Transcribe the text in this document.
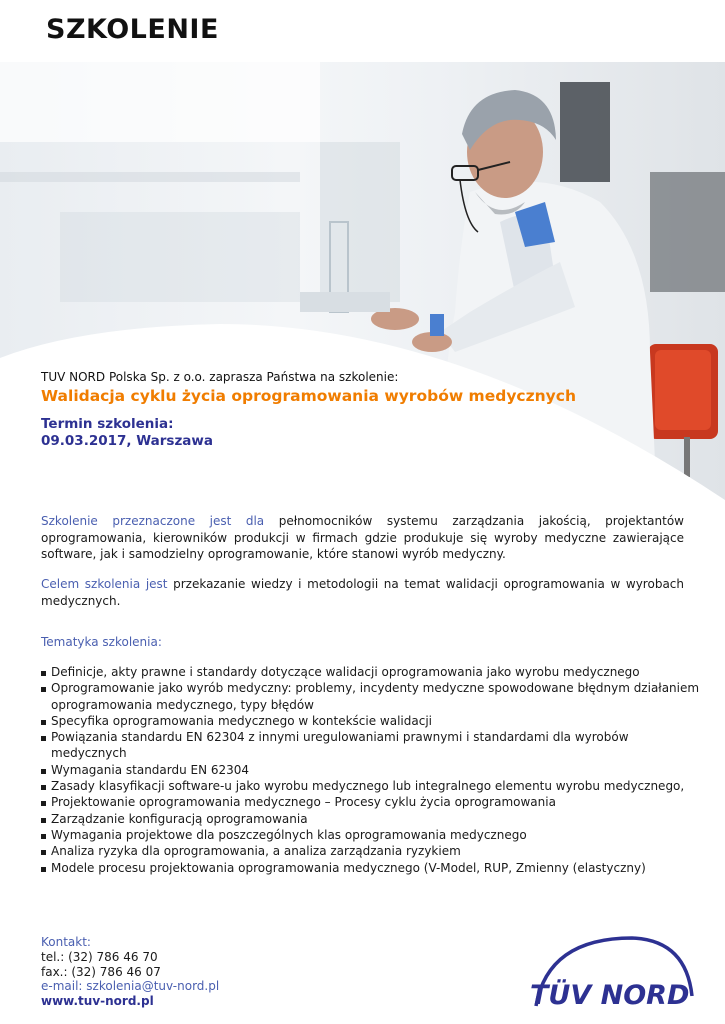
SZKOLENIE
TUV NORD Polska Sp. z o.o. zaprasza Państwa na szkolenie:
Walidacja cyklu życia oprogramowania wyrobów medycznych
Termin szkolenia:
09.03.2017, Warszawa

Szkolenie przeznaczone jest dla pełnomocników systemu zarządzania jakością, projektantów oprogramowania, kierowników produkcji w firmach gdzie produkuje się wyroby medyczne zawierające software, jak i samodzielny oprogramowanie, które stanowi wyrób medyczny.

Celem szkolenia jest przekazanie wiedzy i metodologii na temat walidacji oprogramowania w wyrobach medycznych.

Tematyka szkolenia:
Definicje, akty prawne i standardy dotyczące walidacji oprogramowania jako wyrobu medycznego
Oprogramowanie jako wyrób medyczny: problemy, incydenty medyczne spowodowane błędnym działaniem oprogramowania medycznego, typy błędów
Specyfika oprogramowania medycznego w kontekście walidacji
Powiązania standardu EN 62304 z innymi uregulowaniami prawnymi i standardami dla wyrobów medycznych
Wymagania standardu EN 62304
Zasady klasyfikacji software-u jako wyrobu medycznego lub integralnego elementu wyrobu medycznego,
Projektowanie oprogramowania medycznego – Procesy cyklu życia oprogramowania
Zarządzanie konfiguracją oprogramowania
Wymagania projektowe dla poszczególnych klas oprogramowania medycznego
Analiza ryzyka dla oprogramowania, a analiza zarządzania ryzykiem
Modele procesu projektowania oprogramowania medycznego (V-Model, RUP, Zmienny (elastyczny)
Kontakt:
tel.: (32) 786 46 70
fax.: (32) 786 46 07
e-mail: szkolenia@tuv-nord.pl
www.tuv-nord.pl	TÜV NORD
